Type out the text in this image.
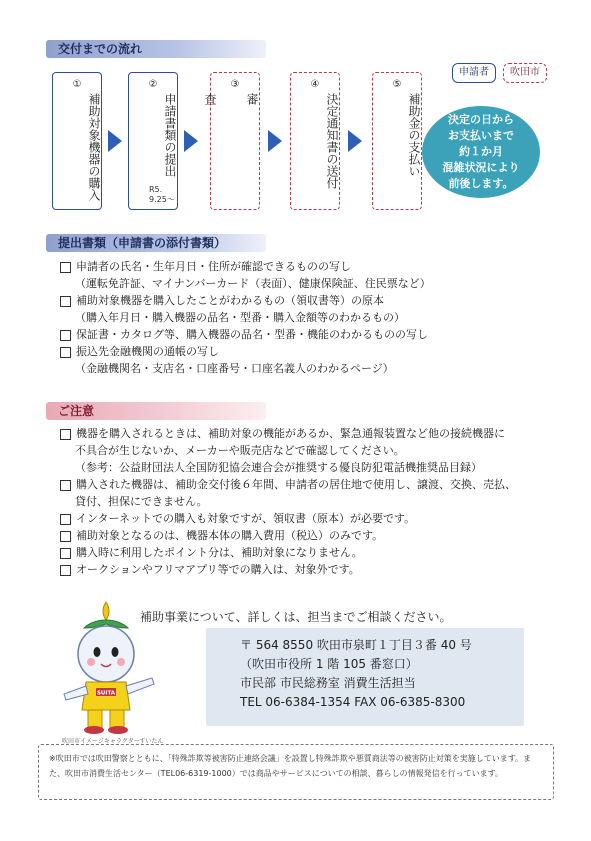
交付までの流れ
申請者	吹田市
①
補助対象機器の購入
②
申請書類の提出
R5.
9.25～
③
審

査
④
決定通知書の送付
⑤
補助金の支払い	決定の日から
お支払いまで
約１か月
混雑状況により
前後します。
提出書類（申請書の添付書類）
申請者の氏名・生年月日・住所が確認できるものの写し
（運転免許証、マイナンバーカード（表面）、健康保険証、住民票など）
補助対象機器を購入したことがわかるもの（領収書等）の原本
（購入年月日・購入機器の品名・型番・購入金額等のわかるもの）
保証書・カタログ等、購入機器の品名・型番・機能のわかるものの写し
振込先金融機関の通帳の写し
（金融機関名・支店名・口座番号・口座名義人のわかるページ）
ご注意
機器を購入されるときは、補助対象の機能があるか、緊急通報装置など他の接続機器に
不具合が生じないか、メーカーや販売店などで確認してください。
（参考：公益財団法人全国防犯協会連合会が推奨する優良防犯電話機推奨品目録）
購入された機器は、補助金交付後６年間、申請者の居住地で使用し、譲渡、交換、売払、
貸付、担保にできません。
インターネットでの購入も対象ですが、領収書（原本）が必要です。
補助対象となるのは、機器本体の購入費用（税込）のみです。
購入時に利用したポイント分は、補助対象になりません。
オークションやフリマアプリ等での購入は、対象外です。
補助事業について、詳しくは、担当までご相談ください。
〒 564 8550 吹田市泉町１丁目３番 40 号
（吹田市役所 1 階 105 番窓口）
市民部 市民総務室 消費生活担当
TEL 06-6384-1354 FAX 06-6385-8300
SUITA
吹田市イメージキャラクターすいたん
※吹田市では吹田警察とともに、「特殊詐欺等被害防止連絡会議」を設置し特殊詐欺や悪質商法等の被害防止対策を実施しています。また、吹田市消費生活センター（TEL06-6319-1000）では商品やサービスについての相談、暮らしの情報発信を行っています。
